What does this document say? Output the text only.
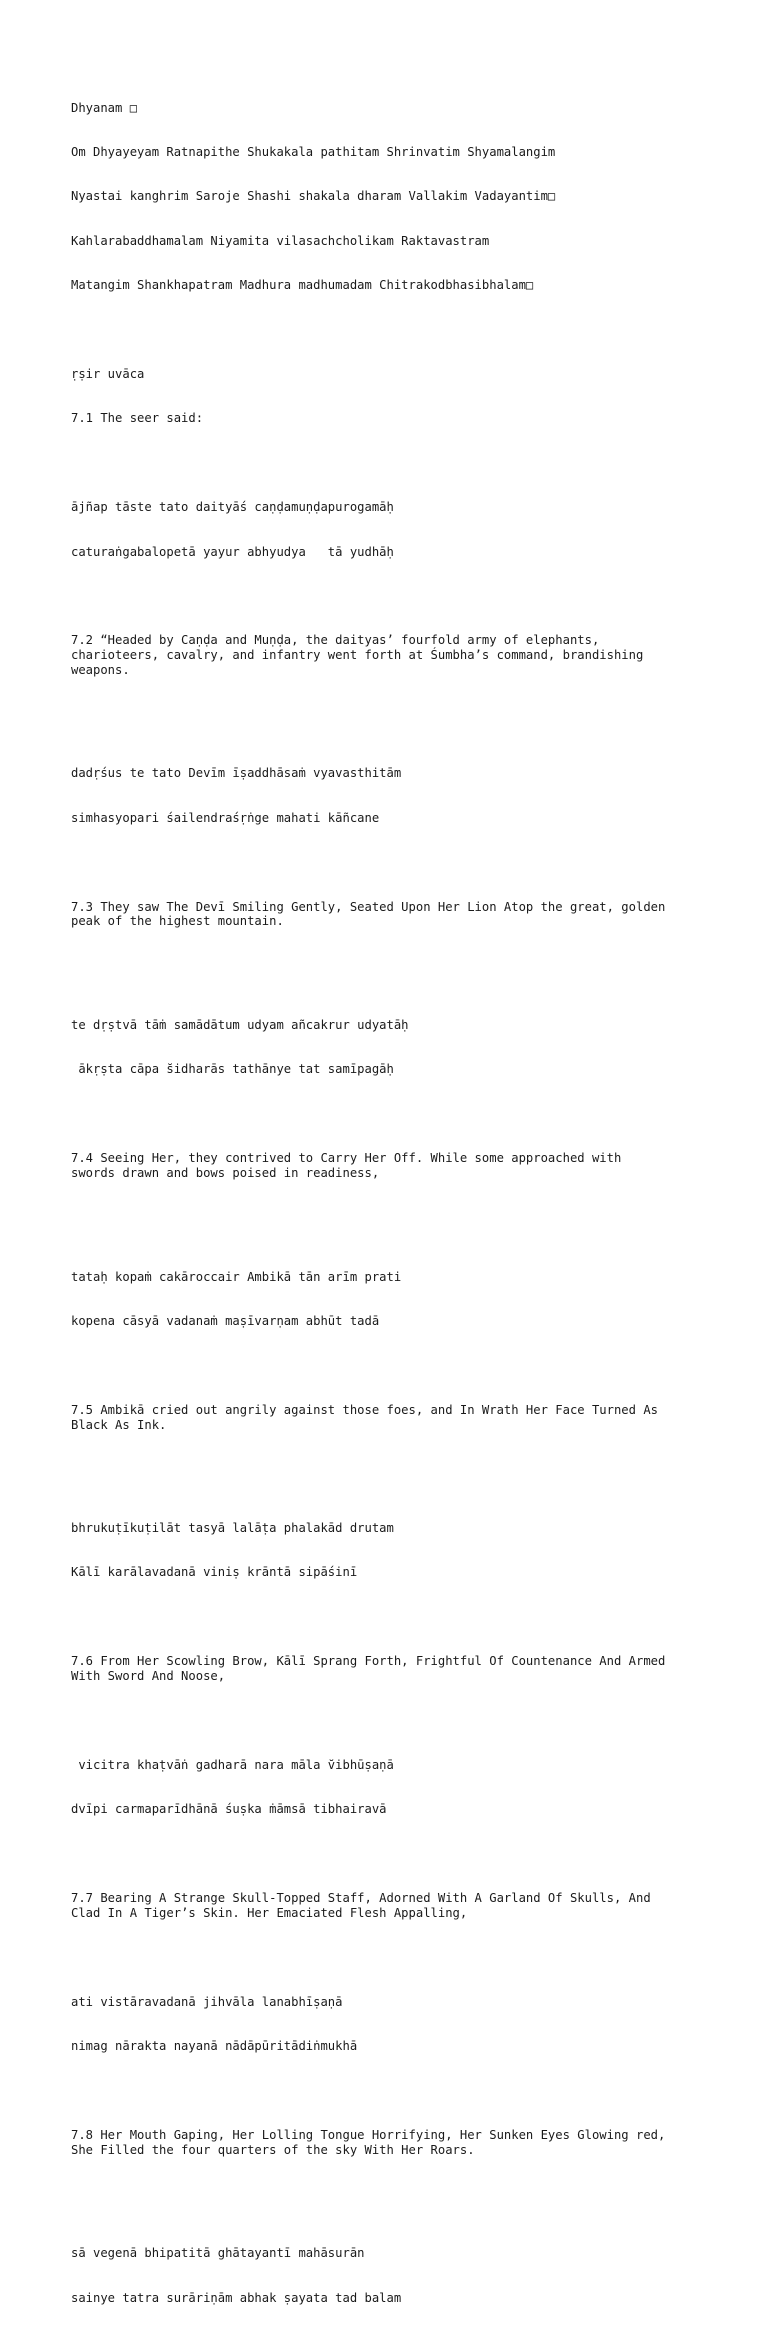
Dhyanam □

Om Dhyayeyam Ratnapithe Shukakala pathitam Shrinvatim Shyamalangim

Nyastai kanghrim Saroje Shashi shakala dharam Vallakim Vadayantim□

Kahlarabaddhamalam Niyamita vilasachcholikam Raktavastram

Matangim Shankhapatram Madhura madhumadam Chitrakodbhasibhalam□

ṛṣir uvāca

7.1 The seer said:

ājñap tāste tato daityāś caṇḍamuṇḍapurogamāḥ

caturaṅgabalopetā yayur abhyudya   tā yudhāḥ

7.2 “Headed by Caṇḍa and Muṇḍa, the daityas’ fourfold army of elephants, charioteers, cavalry, and infantry went forth at Śumbha’s command, brandishing weapons.

dadṛśus te tato Devīm īṣaddhāsaṁ vyavasthitām

simhasyopari śailendraśṛṅge mahati kāñcane

7.3 They saw The Devī Smiling Gently, Seated Upon Her Lion Atop the great, golden peak of the highest mountain.

te dṛṣtvā tāṁ samādātum udyam añcakrur udyatāḥ

ākṛṣta cāpa ̆sidharās tathānye tat samīpagāḥ

7.4 Seeing Her, they contrived to Carry Her Off. While some approached with swords drawn and bows poised in readiness,

tataḥ kopaṁ cakāroccair Ambikā tān arīm prati

kopena cāsyā vadanaṁ maṣīvarṇam abhūt tadā

7.5 Ambikā cried out angrily against those foes, and In Wrath Her Face Turned As Black As Ink.

bhrukuṭīkuṭilāt tasyā lalāṭa phalakād drutam

Kālī karālavadanā viniṣ krāntā sipāśinī

7.6 From Her Scowling Brow, Kālī Sprang Forth, Frightful Of Countenance And Armed With Sword And Noose,

vicitra khaṭvāṅ gadharā nara māla ̆vibhūṣaṇā

dvīpi carmaparīdhānā śuṣka ṁāmsā tibhairavā

7.7 Bearing A Strange Skull-Topped Staff, Adorned With A Garland Of Skulls, And Clad In A Tiger’s Skin. Her Emaciated Flesh Appalling,

ati vistāravadanā jihvāla lanabhīṣaṇā

nimag nārakta nayanā nādāpūritādiṅmukhā

7.8 Her Mouth Gaping, Her Lolling Tongue Horrifying, Her Sunken Eyes Glowing red, She Filled the four quarters of the sky With Her Roars.

sā vegenā bhipatitā ghātayantī mahāsurān

sainye tatra surāriṇām abhak ṣayata tad balam
